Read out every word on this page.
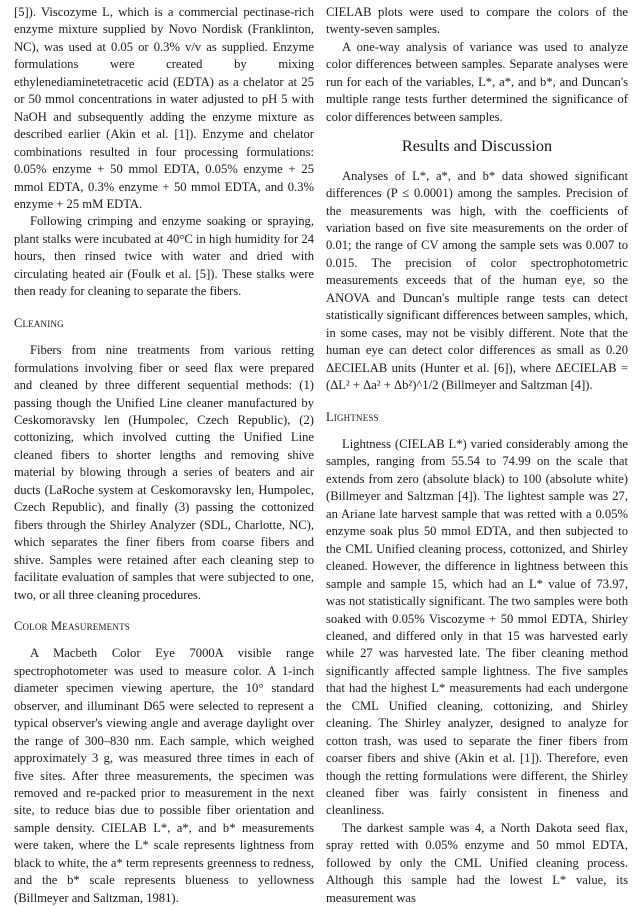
[5]). Viscozyme L, which is a commercial pectinase-rich enzyme mixture supplied by Novo Nordisk (Franklinton, NC), was used at 0.05 or 0.3% v/v as supplied. Enzyme formulations were created by mixing ethylenediaminetetracetic acid (EDTA) as a chelator at 25 or 50 mmol concentrations in water adjusted to pH 5 with NaOH and subsequently adding the enzyme mixture as described earlier (Akin et al. [1]). Enzyme and chelator combinations resulted in four processing formulations: 0.05% enzyme + 50 mmol EDTA, 0.05% enzyme + 25 mmol EDTA, 0.3% enzyme + 50 mmol EDTA, and 0.3% enzyme + 25 mM EDTA.

Following crimping and enzyme soaking or spraying, plant stalks were incubated at 40°C in high humidity for 24 hours, then rinsed twice with water and dried with circulating heated air (Foulk et al. [5]). These stalks were then ready for cleaning to separate the fibers.

Cleaning

Fibers from nine treatments from various retting formulations involving fiber or seed flax were prepared and cleaned by three different sequential methods: (1) passing though the Unified Line cleaner manufactured by Ceskomoravsky len (Humpolec, Czech Republic), (2) cottonizing, which involved cutting the Unified Line cleaned fibers to shorter lengths and removing shive material by blowing through a series of beaters and air ducts (LaRoche system at Ceskomoravsky len, Humpolec, Czech Republic), and finally (3) passing the cottonized fibers through the Shirley Analyzer (SDL, Charlotte, NC), which separates the finer fibers from coarse fibers and shive. Samples were retained after each cleaning step to facilitate evaluation of samples that were subjected to one, two, or all three cleaning procedures.

Color Measurements

A Macbeth Color Eye 7000A visible range spectrophotometer was used to measure color. A 1-inch diameter specimen viewing aperture, the 10° standard observer, and illuminant D65 were selected to represent a typical observer's viewing angle and average daylight over the range of 300–830 nm. Each sample, which weighed approximately 3 g, was measured three times in each of five sites. After three measurements, the specimen was removed and re-packed prior to measurement in the next site, to reduce bias due to possible fiber orientation and sample density. CIELAB L*, a*, and b* measurements were taken, where the L* scale represents lightness from black to white, the a* term represents greenness to redness, and the b* scale represents blueness to yellowness (Billmeyer and Saltzman, 1981).

CIELAB plots were used to compare the colors of the twenty-seven samples.

A one-way analysis of variance was used to analyze color differences between samples. Separate analyses were run for each of the variables, L*, a*, and b*, and Duncan's multiple range tests further determined the significance of color differences between samples.

Results and Discussion

Analyses of L*, a*, and b* data showed significant differences (P ≤ 0.0001) among the samples. Precision of the measurements was high, with the coefficients of variation based on five site measurements on the order of 0.01; the range of CV among the sample sets was 0.007 to 0.015. The precision of color spectrophotometric measurements exceeds that of the human eye, so the ANOVA and Duncan's multiple range tests can detect statistically significant differences between samples, which, in some cases, may not be visibly different. Note that the human eye can detect color differences as small as 0.20 ΔECIELAB units (Hunter et al. [6]), where ΔECIELAB = (ΔL² + Δa² + Δb²)^1/2 (Billmeyer and Saltzman [4]).

Lightness

Lightness (CIELAB L*) varied considerably among the samples, ranging from 55.54 to 74.99 on the scale that extends from zero (absolute black) to 100 (absolute white) (Billmeyer and Saltzman [4]). The lightest sample was 27, an Ariane late harvest sample that was retted with a 0.05% enzyme soak plus 50 mmol EDTA, and then subjected to the CML Unified cleaning process, cottonized, and Shirley cleaned. However, the difference in lightness between this sample and sample 15, which had an L* value of 73.97, was not statistically significant. The two samples were both soaked with 0.05% Viscozyme + 50 mmol EDTA, Shirley cleaned, and differed only in that 15 was harvested early while 27 was harvested late. The fiber cleaning method significantly affected sample lightness. The five samples that had the highest L* measurements had each undergone the CML Unified cleaning, cottonizing, and Shirley cleaning. The Shirley analyzer, designed to analyze for cotton trash, was used to separate the finer fibers from coarser fibers and shive (Akin et al. [1]). Therefore, even though the retting formulations were different, the Shirley cleaned fiber was fairly consistent in fineness and cleanliness.

The darkest sample was 4, a North Dakota seed flax, spray retted with 0.05% enzyme and 50 mmol EDTA, followed by only the CML Unified cleaning process. Although this sample had the lowest L* value, its measurement was
